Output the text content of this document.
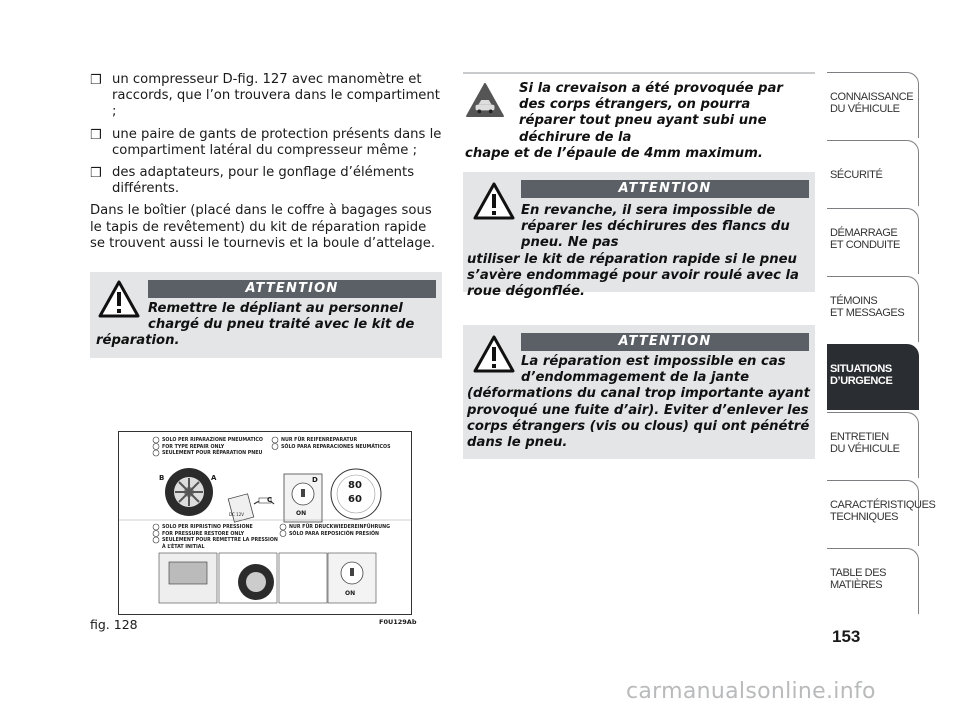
❒ un compresseur D-fig. 127 avec manomètre et raccords, que l’on trouvera dans le compartiment ;
❒ une paire de gants de protection présents dans le compartiment latéral du compresseur même ;
❒ des adaptateurs, pour le gonflage d’éléments différents.

Dans le boîtier (placé dans le coffre à bagages sous le tapis de revêtement) du kit de réparation rapide se trouvent aussi le tournevis et la boule d’attelage.

ATTENTION
Remettre le dépliant au personnel chargé du pneu traité avec le kit de
réparation.
SOLO PER RIPARAZIONE PNEUMATICO
FOR TYPE REPAIR ONLY
SEULEMENT POUR RÉPARATION PNEU
NUR FÜR REIFENREPARATUR
SÓLO PARA REPARACIONES NEUMÁTICOS
SOLO PER RIPRISTINO PRESSIONE
FOR PRESSURE RESTORE ONLY
SEULEMENT POUR REMETTRE LA PRESSION À L’ÉTAT INITIAL
NUR FÜR DRUCKWIEDEREINFÜHRUNG
SÓLO PARA REPOSICIÓN PRESIÓN
A
B
C
D
ON
ON
80
60
DC 12V
fig. 128	F0U129Ab
Si la crevaison a été provoquée par des corps étrangers, on pourra réparer tout pneu ayant subi une déchirure de la
chape et de l’épaule de 4mm maximum.
ATTENTION
En revanche, il sera impossible de réparer les déchirures des flancs du pneu. Ne pas
utiliser le kit de réparation rapide si le pneu s’avère endommagé pour avoir roulé avec la roue dégonflée.
ATTENTION
La réparation est impossible en cas d’endommagement de la jante
(déformations du canal trop importante ayant provoqué une fuite d’air). Eviter d’enlever les corps étrangers (vis ou clous) qui ont pénétré dans le pneu.
CONNAISSANCE
DU VÉHICULE
SÉCURITÉ
DÉMARRAGE
ET CONDUITE
TÉMOINS
ET MESSAGES
SITUATIONS
D’URGENCE
ENTRETIEN
DU VÉHICULE
CARACTÉRISTIQUES
TECHNIQUES
TABLE DES
MATIÈRES
153
carmanualsonline.info
